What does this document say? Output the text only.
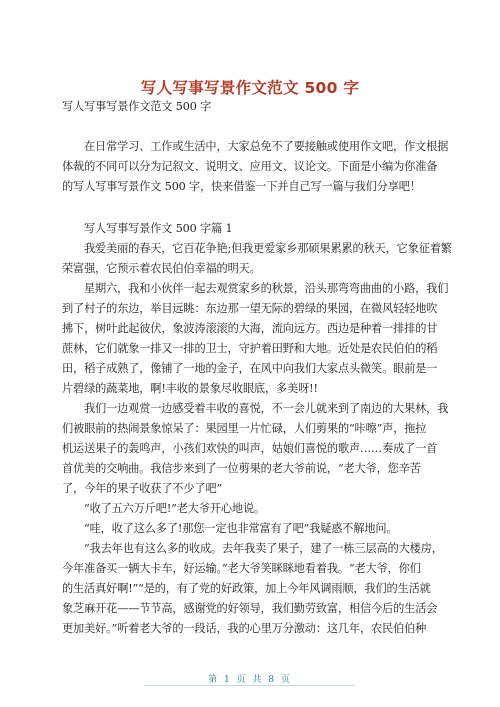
写人写事写景作文范文 500 字
写人写事写景作文范文 500 字
在日常学习、工作或生活中，大家总免不了要接触或使用作文吧，作文根据
体裁的不同可以分为记叙文、说明文、应用文、议论文。下面是小编为你准备
的写人写事写景作文 500 字，快来借鉴一下并自己写一篇与我们分享吧！
写人写事写景作文 500 字篇 1
我爱美丽的春天，它百花争艳;但我更爱家乡那硕果累累的秋天，它象征着繁
荣富强，它预示着农民伯伯幸福的明天。
星期六，我和小伙伴一起去观赏家乡的秋景，沿头那弯弯曲曲的小路，我们
到了村子的东边，举目远眺：东边那一望无际的碧绿的果园，在微风轻轻地吹
拂下，树叶此起彼伏，象波涛滚滚的大海，流向远方。西边是种着一排排的甘
蔗林，它们就象一排又一排的卫士，守护着田野和大地。近处是农民伯伯的稻
田，稻子成熟了，像铺了一地的金子，在风中向我们大家点头微笑。眼前是一
片碧绿的蔬菜地，啊!丰收的景象尽收眼底，多美呀!!
我们一边观赏一边感受着丰收的喜悦，不一会儿就来到了南边的大果林，我
们被眼前的热闹景象惊呆了：果园里一片忙碌，人们剪果的“咔嚓”声，拖拉
机运送果子的轰鸣声，小孩们欢快的叫声，姑娘们喜悦的歌声……奏成了一首
首优美的交响曲。我信步来到了一位剪果的老大爷前说，“老大爷，您辛苦
了，今年的果子收获了不少了吧”
“收了五六万斤吧!”老大爷开心地说。
“哇，收了这么多了!那您一定也非常富有了吧”我疑惑不解地问。
“我去年也有这么多的收成。去年我卖了果子，建了一栋三层高的大楼房，
今年准备买一辆大卡车，好运输。”老大爷笑眯眯地看着我。“老大爷，你们
的生活真好啊!”“是的，有了党的好政策，加上今年风调雨顺，我们的生活就
象芝麻开花——节节高，感谢党的好领导，我们勤劳致富，相信今后的生活会
更加美好。”听着老大爷的一段话，我的心里万分激动：这几年，农民伯伯种
第 1 页 共 8 页
